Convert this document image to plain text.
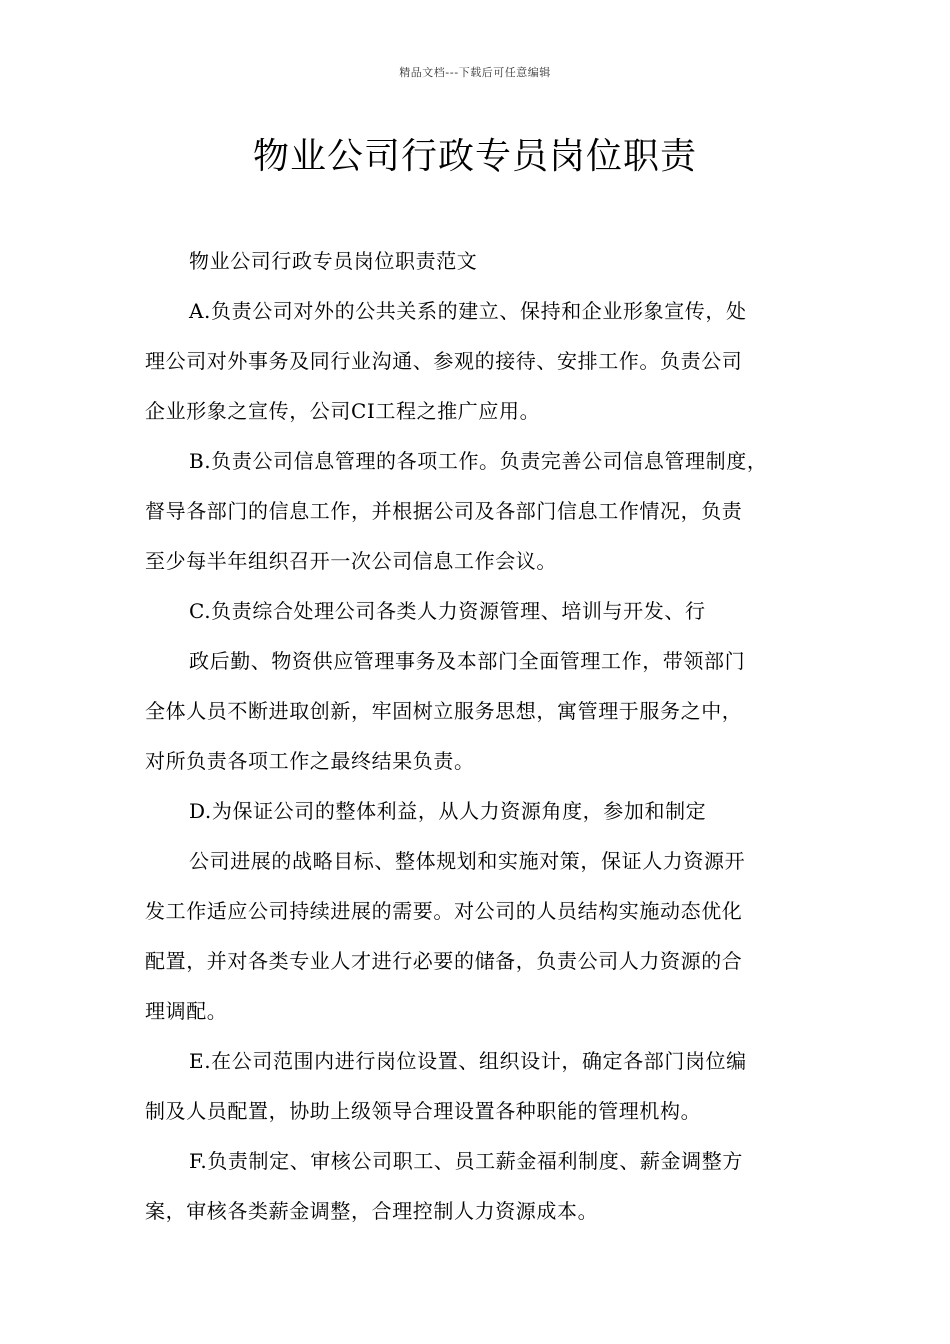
精品文档---下载后可任意编辑
物业公司行政专员岗位职责
物业公司行政专员岗位职责范文
A.负责公司对外的公共关系的建立、保持和企业形象宣传，处
理公司对外事务及同行业沟通、参观的接待、安排工作。负责公司
企业形象之宣传，公司CI工程之推广应用。
B.负责公司信息管理的各项工作。负责完善公司信息管理制度，
督导各部门的信息工作，并根据公司及各部门信息工作情况，负责
至少每半年组织召开一次公司信息工作会议。
C.负责综合处理公司各类人力资源管理、培训与开发、行
政后勤、物资供应管理事务及本部门全面管理工作，带领部门
全体人员不断进取创新，牢固树立服务思想，寓管理于服务之中，
对所负责各项工作之最终结果负责。
D.为保证公司的整体利益，从人力资源角度，参加和制定
公司进展的战略目标、整体规划和实施对策，保证人力资源开
发工作适应公司持续进展的需要。对公司的人员结构实施动态优化
配置，并对各类专业人才进行必要的储备，负责公司人力资源的合
理调配。
E.在公司范围内进行岗位设置、组织设计，确定各部门岗位编
制及人员配置，协助上级领导合理设置各种职能的管理机构。
F.负责制定、审核公司职工、员工薪金福利制度、薪金调整方
案，审核各类薪金调整，合理控制人力资源成本。
